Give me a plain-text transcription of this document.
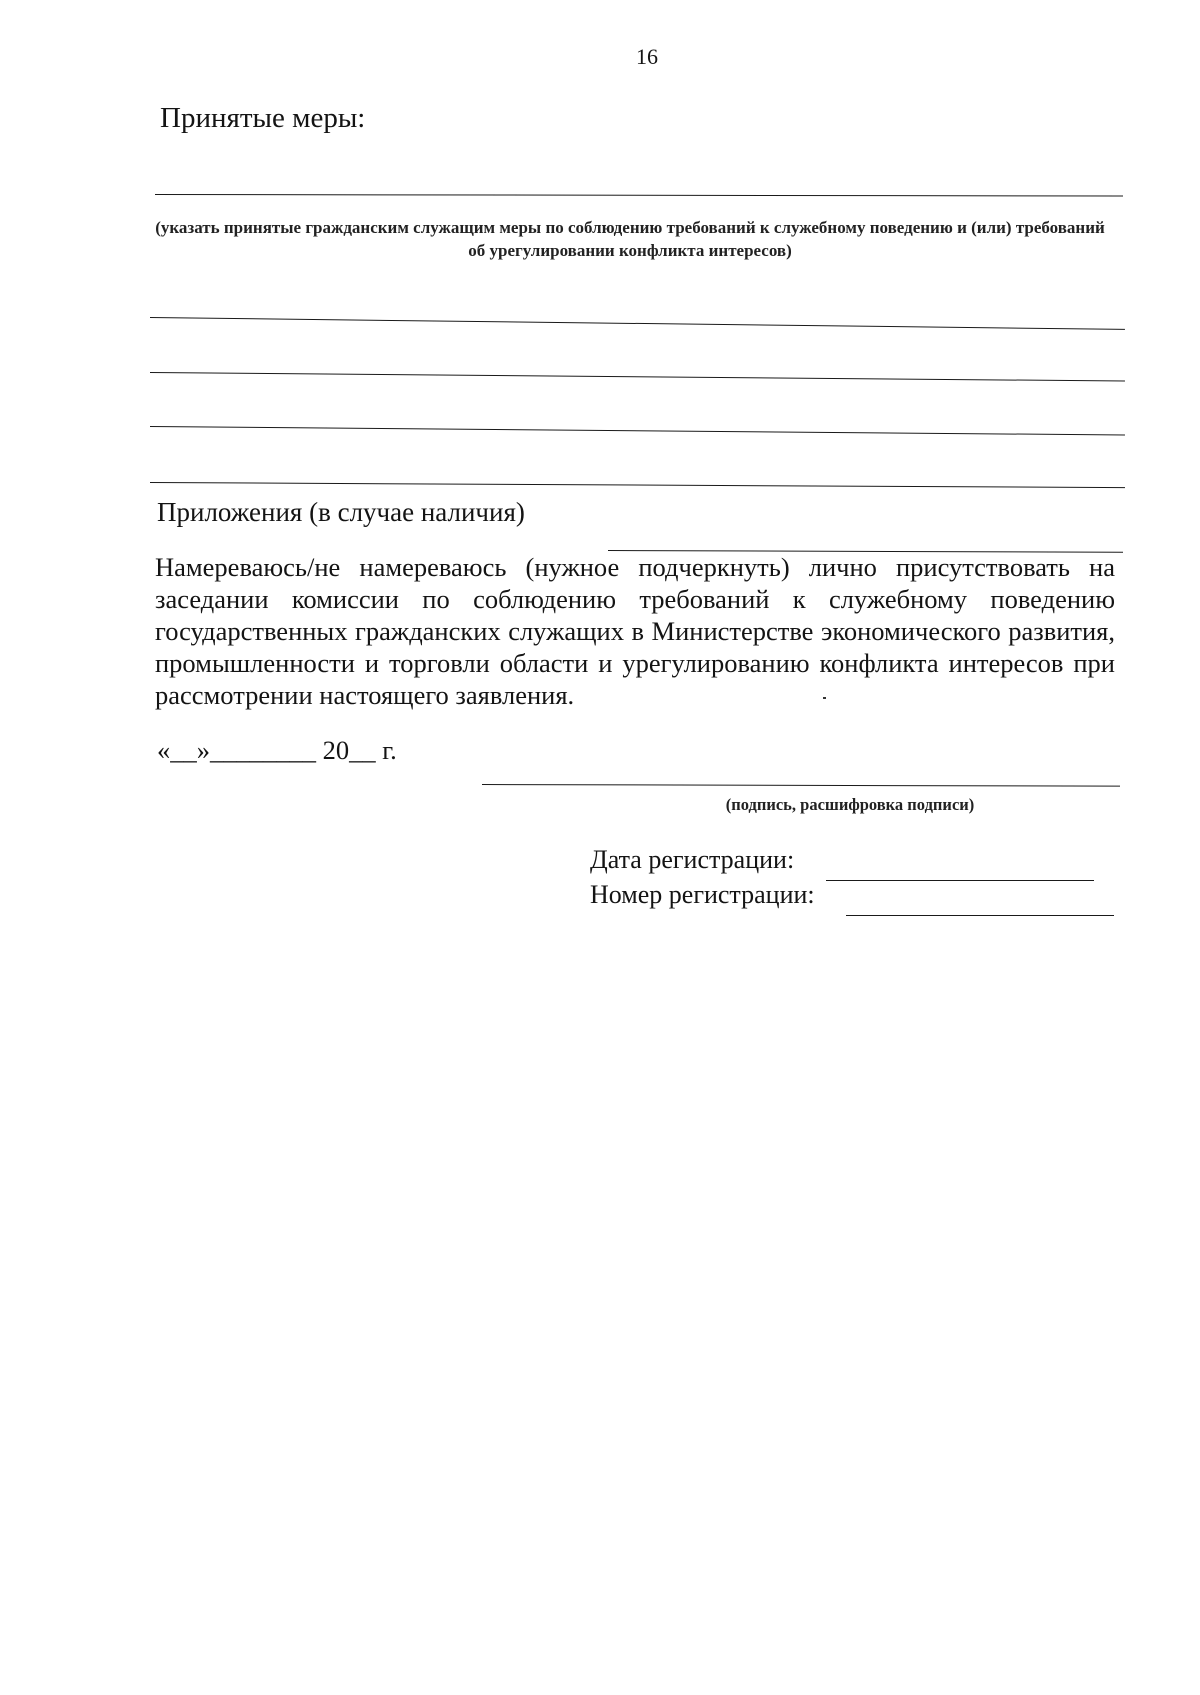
16
Принятые меры:
(указать принятые гражданским служащим меры по соблюдению требований к служебному поведению и (или) требований об урегулировании конфликта интересов)
Приложения (в случае наличия)
Намереваюсь/не намереваюсь (нужное подчеркнуть) лично присутствовать на заседании комиссии по соблюдению требований к служебному поведению государственных гражданских служащих в Министерстве экономического развития, промышленности и торговли области и урегулированию конфликта интересов при рассмотрении настоящего заявления.
«__»________ 20__ г.
(подпись, расшифровка подписи)
Дата регистрации:
Номер регистрации:
